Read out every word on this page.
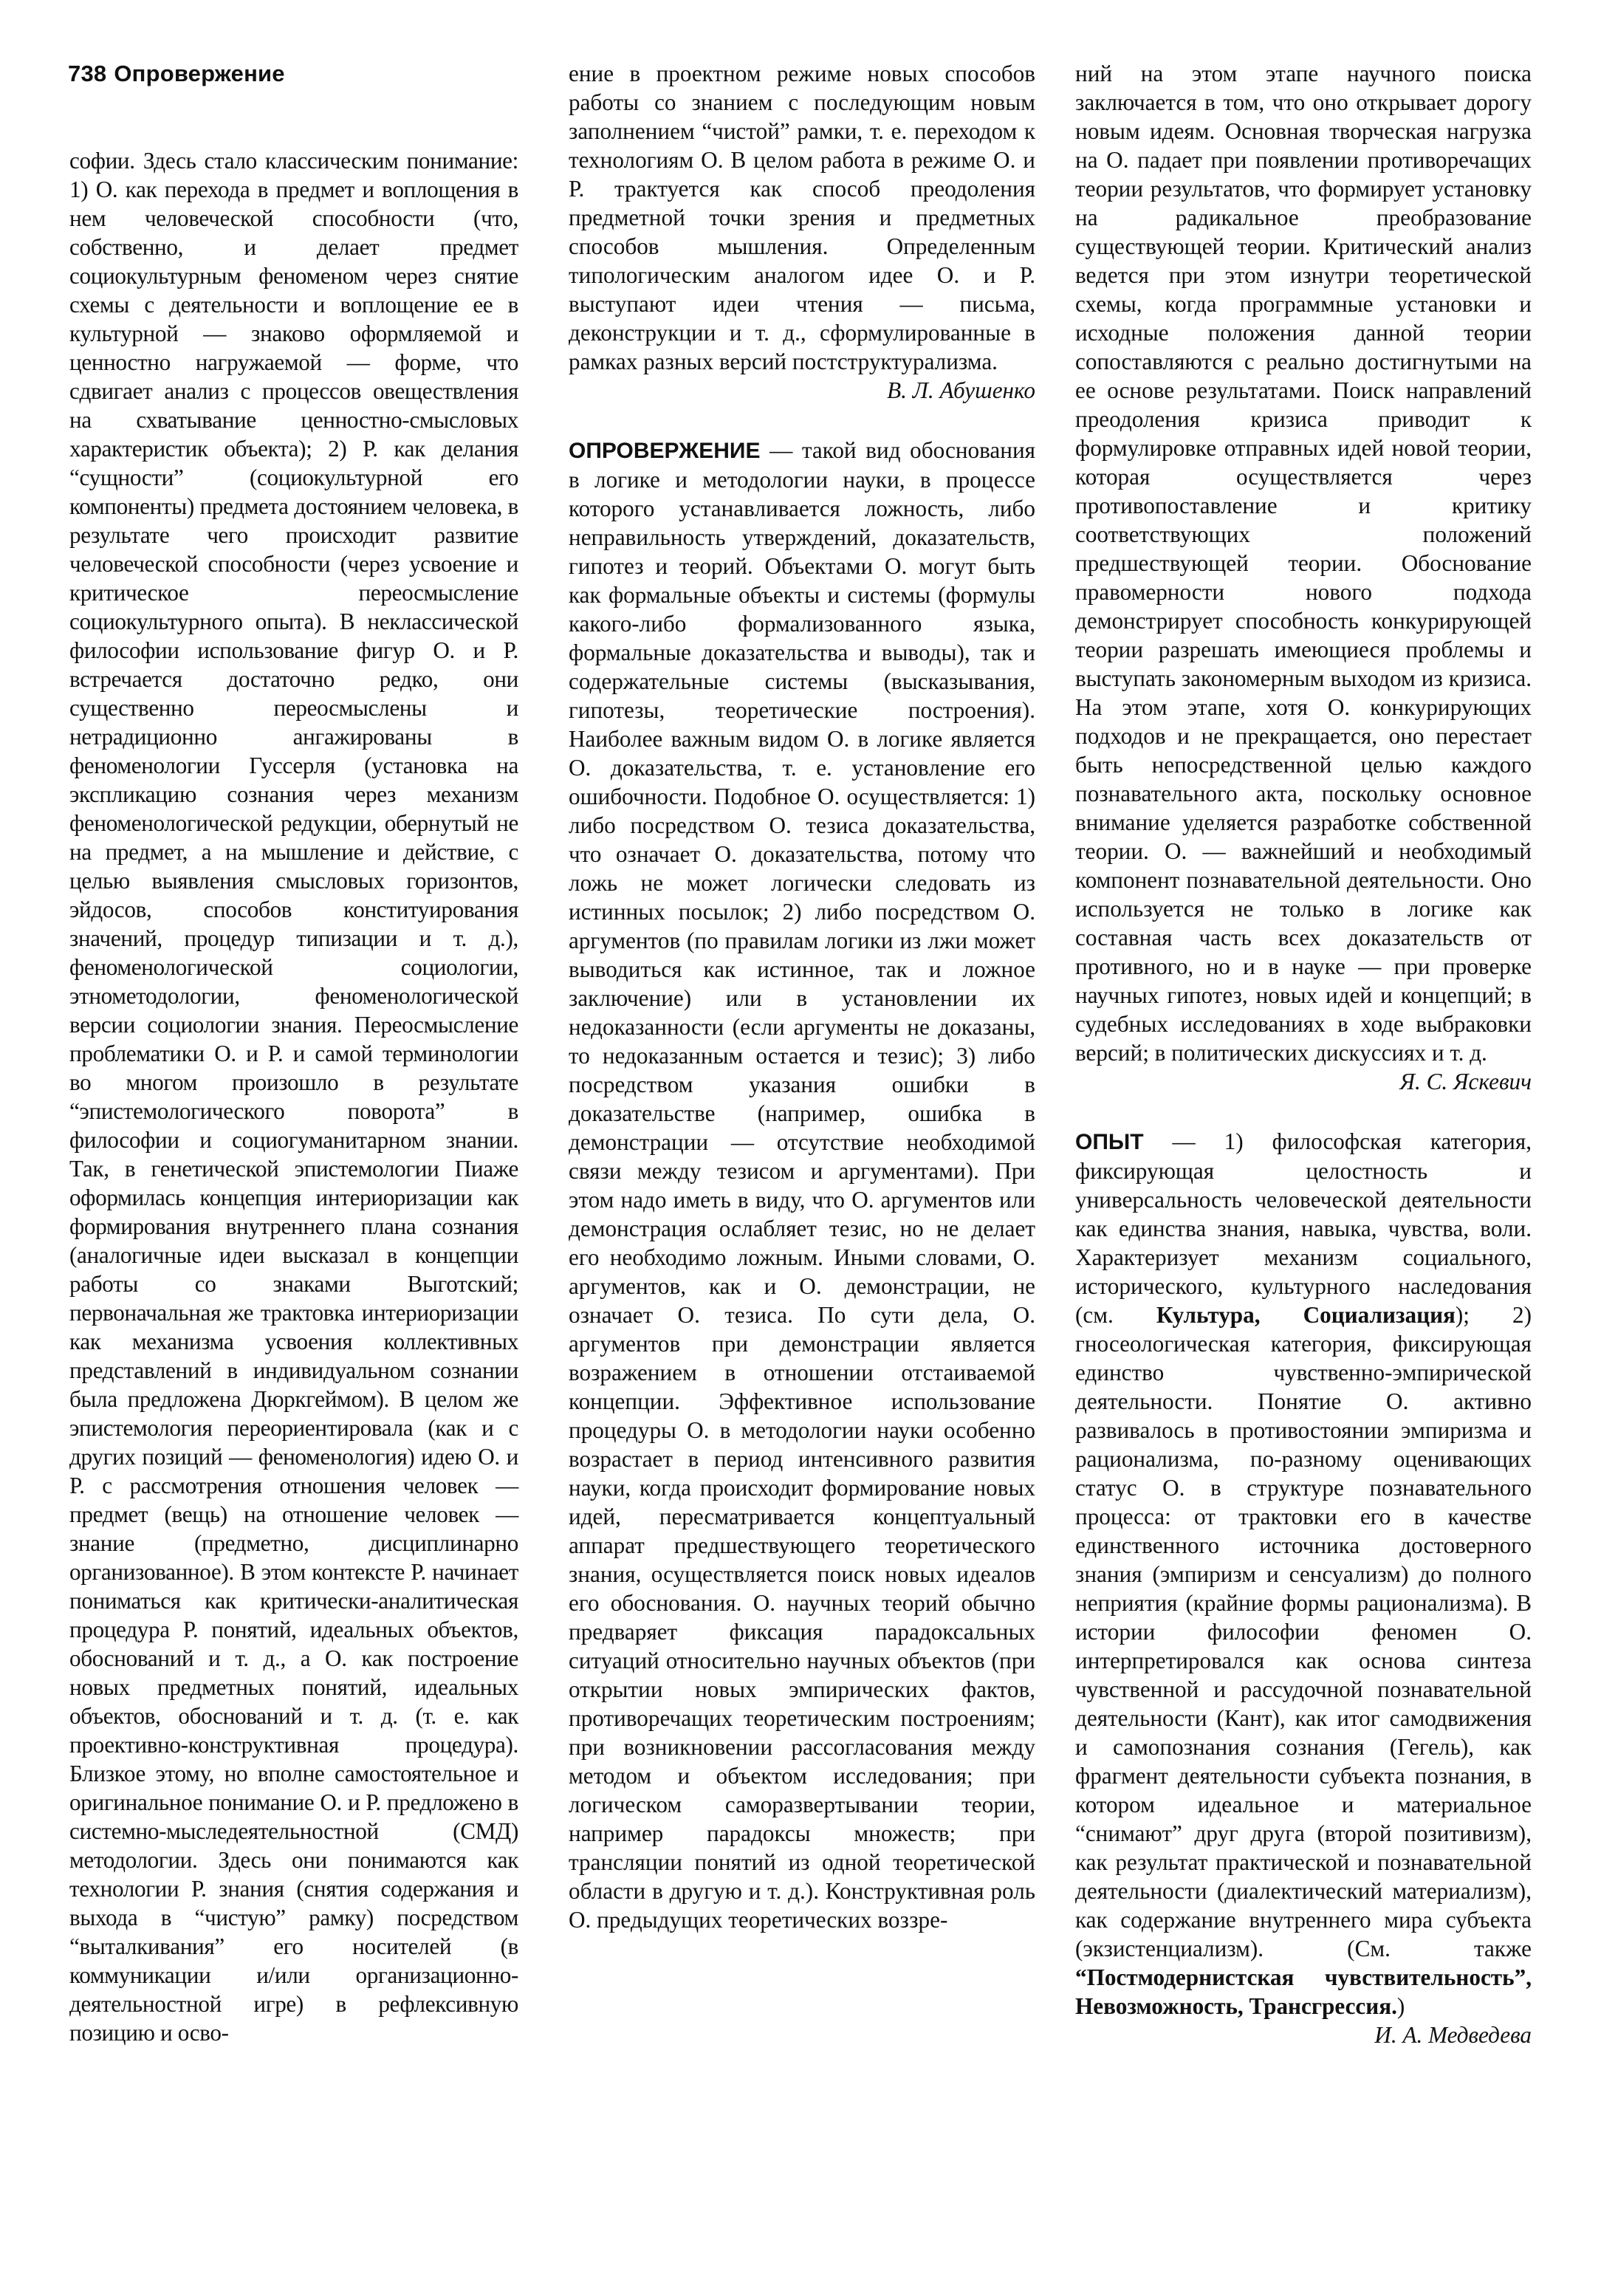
738 Опровержение

софии. Здесь стало классическим понимание: 1) О. как перехода в предмет и воплощения в нем человеческой способности (что, собственно, и делает предмет социокультурным феноменом через снятие схемы с деятельности и воплощение ее в культурной — знаково оформляемой и ценностно нагружаемой — форме, что сдвигает анализ с процессов овеществления на схватывание ценностно-смысловых характеристик объекта); 2) Р. как делания “сущности” (социокультурной его компоненты) предмета достоянием человека, в результате чего происходит развитие человеческой способности (через усвоение и критическое переосмысление социокультурного опыта). В неклассической философии использование фигур О. и Р. встречается достаточно редко, они существенно переосмыслены и нетрадиционно ангажированы в феноменологии Гуссерля (установка на экспликацию сознания через механизм феноменологической редукции, обернутый не на предмет, а на мышление и действие, с целью выявления смысловых горизонтов, эйдосов, способов конституирования значений, процедур типизации и т. д.), феноменологической социологии, этнометодологии, феноменологической версии социологии знания. Переосмысление проблематики О. и Р. и самой терминологии во многом произошло в результате “эпистемологического поворота” в философии и социогуманитарном знании. Так, в генетической эпистемологии Пиаже оформилась концепция интериоризации как формирования внутреннего плана сознания (аналогичные идеи высказал в концепции работы со знаками Выготский; первоначальная же трактовка интериоризации как механизма усвоения коллективных представлений в индивидуальном сознании была предложена Дюркгеймом). В целом же эпистемология переориентировала (как и с других позиций — феноменология) идею О. и Р. с рассмотрения отношения человек — предмет (вещь) на отношение человек — знание (предметно, дисциплинарно организованное). В этом контексте Р. начинает пониматься как критически-аналитическая процедура Р. понятий, идеальных объектов, обоснований и т. д., а О. как построение новых предметных понятий, идеальных объектов, обоснований и т. д. (т. е. как проективно-конструктивная процедура). Близкое этому, но вполне самостоятельное и оригинальное понимание О. и Р. предложено в системно-мыследеятельностной (СМД) методологии. Здесь они понимаются как технологии Р. знания (снятия содержания и выхода в “чистую” рамку) посредством “выталкивания” его носителей (в коммуникации и/или организационно-деятельностной игре) в рефлексивную позицию и осво-

ение в проектном режиме новых способов работы со знанием с последующим новым заполнением “чистой” рамки, т. е. переходом к технологиям О. В целом работа в режиме О. и Р. трактуется как способ преодоления предметной точки зрения и предметных способов мышления. Определенным типологическим аналогом идее О. и Р. выступают идеи чтения — письма, деконструкции и т. д., сформулированные в рамках разных версий постструктурализма.

В. Л. Абушенко

ОПРОВЕРЖЕНИЕ — такой вид обоснования в логике и методологии науки, в процессе которого устанавливается ложность, либо неправильность утверждений, доказательств, гипотез и теорий. Объектами О. могут быть как формальные объекты и системы (формулы какого-либо формализованного языка, формальные доказательства и выводы), так и содержательные системы (высказывания, гипотезы, теоретические построения). Наиболее важным видом О. в логике является О. доказательства, т. е. установление его ошибочности. Подобное О. осуществляется: 1) либо посредством О. тезиса доказательства, что означает О. доказательства, потому что ложь не может логически следовать из истинных посылок; 2) либо посредством О. аргументов (по правилам логики из лжи может выводиться как истинное, так и ложное заключение) или в установлении их недоказанности (если аргументы не доказаны, то недоказанным остается и тезис); 3) либо посредством указания ошибки в доказательстве (например, ошибка в демонстрации — отсутствие необходимой связи между тезисом и аргументами). При этом надо иметь в виду, что О. аргументов или демонстрация ослабляет тезис, но не делает его необходимо ложным. Иными словами, О. аргументов, как и О. демонстрации, не означает О. тезиса. По сути дела, О. аргументов при демонстрации является возражением в отношении отстаиваемой концепции. Эффективное использование процедуры О. в методологии науки особенно возрастает в период интенсивного развития науки, когда происходит формирование новых идей, пересматривается концептуальный аппарат предшествующего теоретического знания, осуществляется поиск новых идеалов его обоснования. О. научных теорий обычно предваряет фиксация парадоксальных ситуаций относительно научных объектов (при открытии новых эмпирических фактов, противоречащих теоретическим построениям; при возникновении рассогласования между методом и объектом исследования; при логическом саморазвертывании теории, например парадоксы множеств; при трансляции понятий из одной теоретической области в другую и т. д.). Конструктивная роль О. предыдущих теоретических воззре-

ний на этом этапе научного поиска заключается в том, что оно открывает дорогу новым идеям. Основная творческая нагрузка на О. падает при появлении противоречащих теории результатов, что формирует установку на радикальное преобразование существующей теории. Критический анализ ведется при этом изнутри теоретической схемы, когда программные установки и исходные положения данной теории сопоставляются с реально достигнутыми на ее основе результатами. Поиск направлений преодоления кризиса приводит к формулировке отправных идей новой теории, которая осуществляется через противопоставление и критику соответствующих положений предшествующей теории. Обоснование правомерности нового подхода демонстрирует способность конкурирующей теории разрешать имеющиеся проблемы и выступать закономерным выходом из кризиса. На этом этапе, хотя О. конкурирующих подходов и не прекращается, оно перестает быть непосредственной целью каждого познавательного акта, поскольку основное внимание уделяется разработке собственной теории. О. — важнейший и необходимый компонент познавательной деятельности. Оно используется не только в логике как составная часть всех доказательств от противного, но и в науке — при проверке научных гипотез, новых идей и концепций; в судебных исследованиях в ходе выбраковки версий; в политических дискуссиях и т. д.

Я. С. Яскевич

ОПЫТ — 1) философская категория, фиксирующая целостность и универсальность человеческой деятельности как единства знания, навыка, чувства, воли. Характеризует механизм социального, исторического, культурного наследования (см. Культура, Социализация); 2) гносеологическая категория, фиксирующая единство чувственно-эмпирической деятельности. Понятие О. активно развивалось в противостоянии эмпиризма и рационализма, по-разному оценивающих статус О. в структуре познавательного процесса: от трактовки его в качестве единственного источника достоверного знания (эмпиризм и сенсуализм) до полного неприятия (крайние формы рационализма). В истории философии феномен О. интерпретировался как основа синтеза чувственной и рассудочной познавательной деятельности (Кант), как итог самодвижения и самопознания сознания (Гегель), как фрагмент деятельности субъекта познания, в котором идеальное и материальное “снимают” друг друга (второй позитивизм), как результат практической и познавательной деятельности (диалектический материализм), как содержание внутреннего мира субъекта (экзистенциализм). (См. также “Постмодернистская чувствительность”, Невозможность, Трансгрессия.)

И. А. Медведева
